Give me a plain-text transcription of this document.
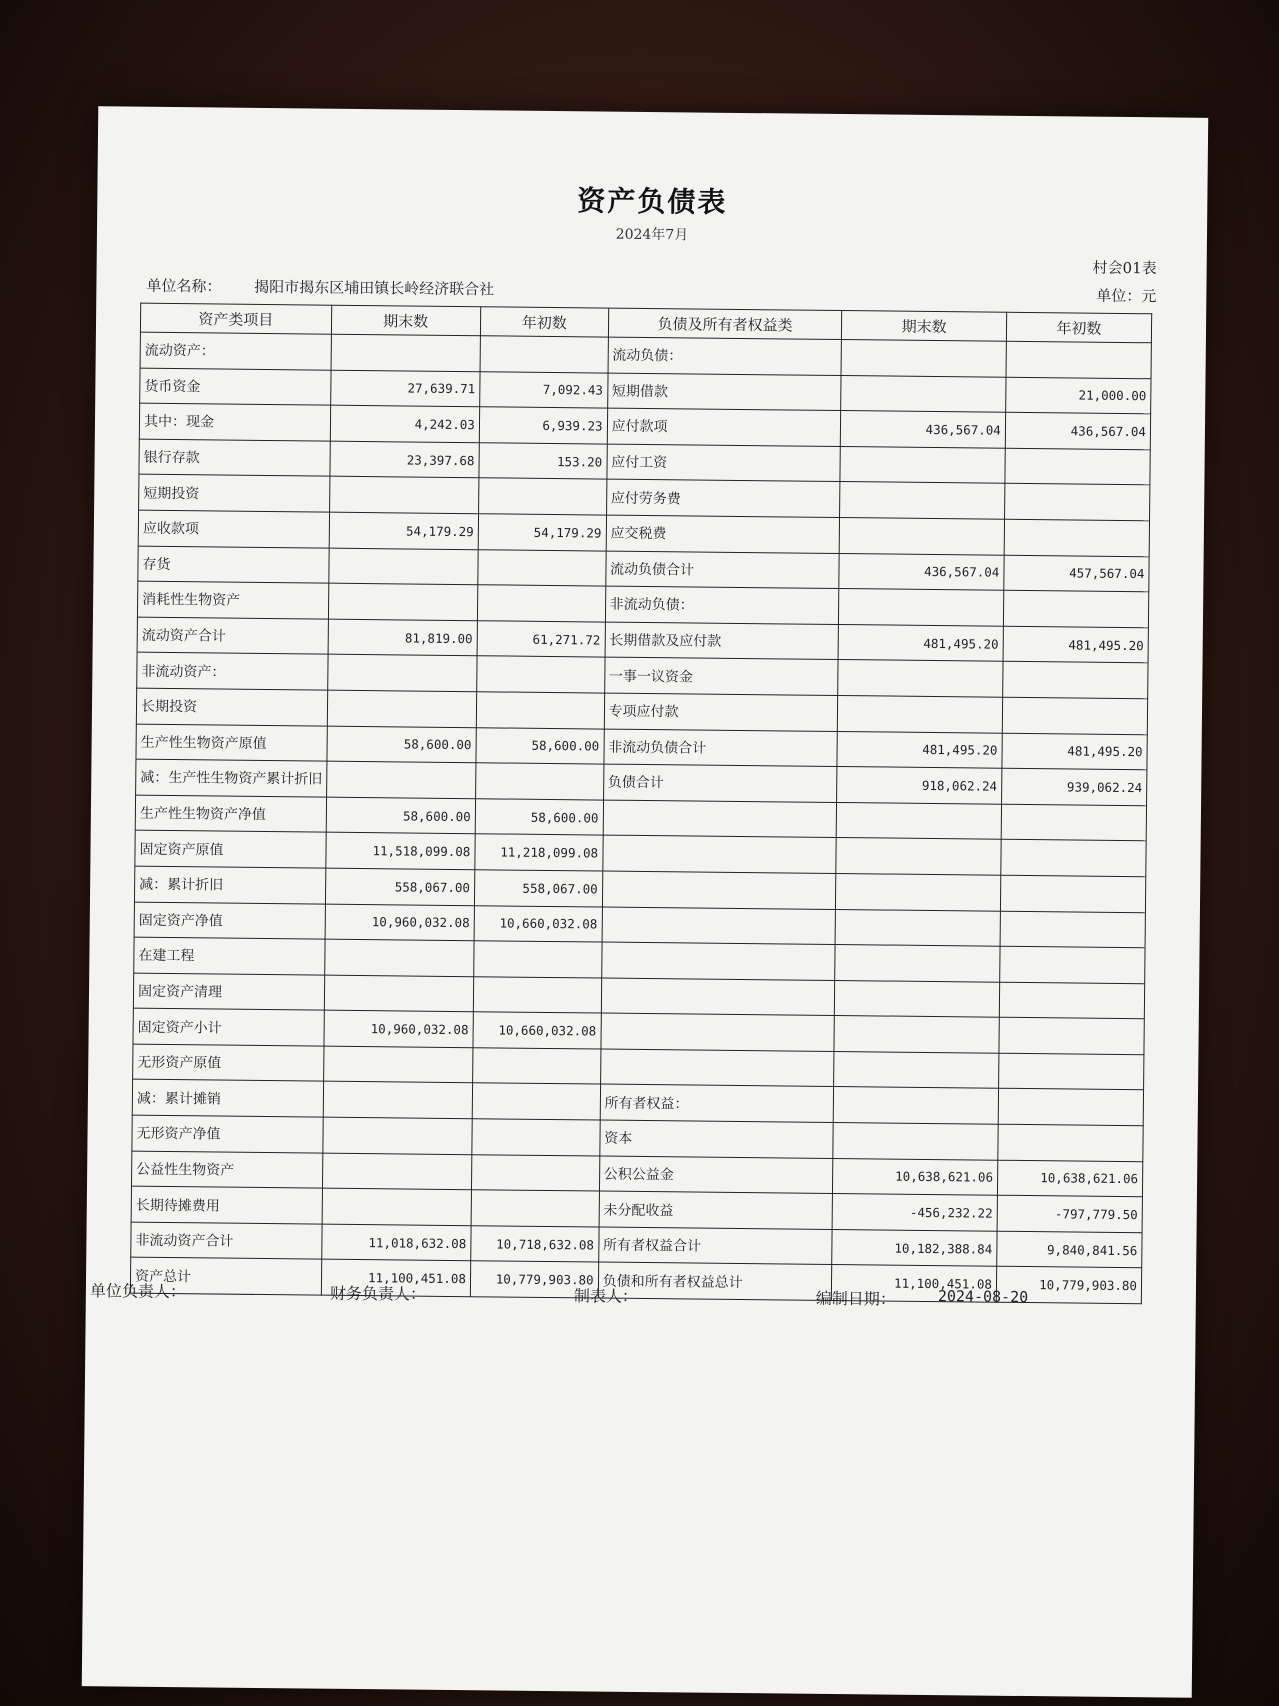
资产负债表
2024年7月
村会01表
单位名称： 揭阳市揭东区埔田镇长岭经济联合社	单位：元
资产类项目	期末数	年初数	负债及所有者权益类	期末数	年初数
流动资产：			流动负债：		
货币资金	27,639.71	7,092.43	短期借款		21,000.00
其中：现金	4,242.03	6,939.23	应付款项	436,567.04	436,567.04
银行存款	23,397.68	153.20	应付工资		
短期投资			应付劳务费		
应收款项	54,179.29	54,179.29	应交税费		
存货			流动负债合计	436,567.04	457,567.04
消耗性生物资产			非流动负债：		
流动资产合计	81,819.00	61,271.72	长期借款及应付款	481,495.20	481,495.20
非流动资产：			一事一议资金		
长期投资			专项应付款		
生产性生物资产原值	58,600.00	58,600.00	非流动负债合计	481,495.20	481,495.20
减：生产性生物资产累计折旧			负债合计	918,062.24	939,062.24
生产性生物资产净值	58,600.00	58,600.00			
固定资产原值	11,518,099.08	11,218,099.08			
减：累计折旧	558,067.00	558,067.00			
固定资产净值	10,960,032.08	10,660,032.08			
在建工程					
固定资产清理					
固定资产小计	10,960,032.08	10,660,032.08			
无形资产原值					
减：累计摊销			所有者权益：		
无形资产净值			资本		
公益性生物资产			公积公益金	10,638,621.06	10,638,621.06
长期待摊费用			未分配收益	-456,232.22	-797,779.50
非流动资产合计	11,018,632.08	10,718,632.08	所有者权益合计	10,182,388.84	9,840,841.56
资产总计	11,100,451.08	10,779,903.80	负债和所有者权益总计	11,100,451.08	10,779,903.80
单位负责人：	财务负责人：	制表人：	编制日期：	2024-08-20
